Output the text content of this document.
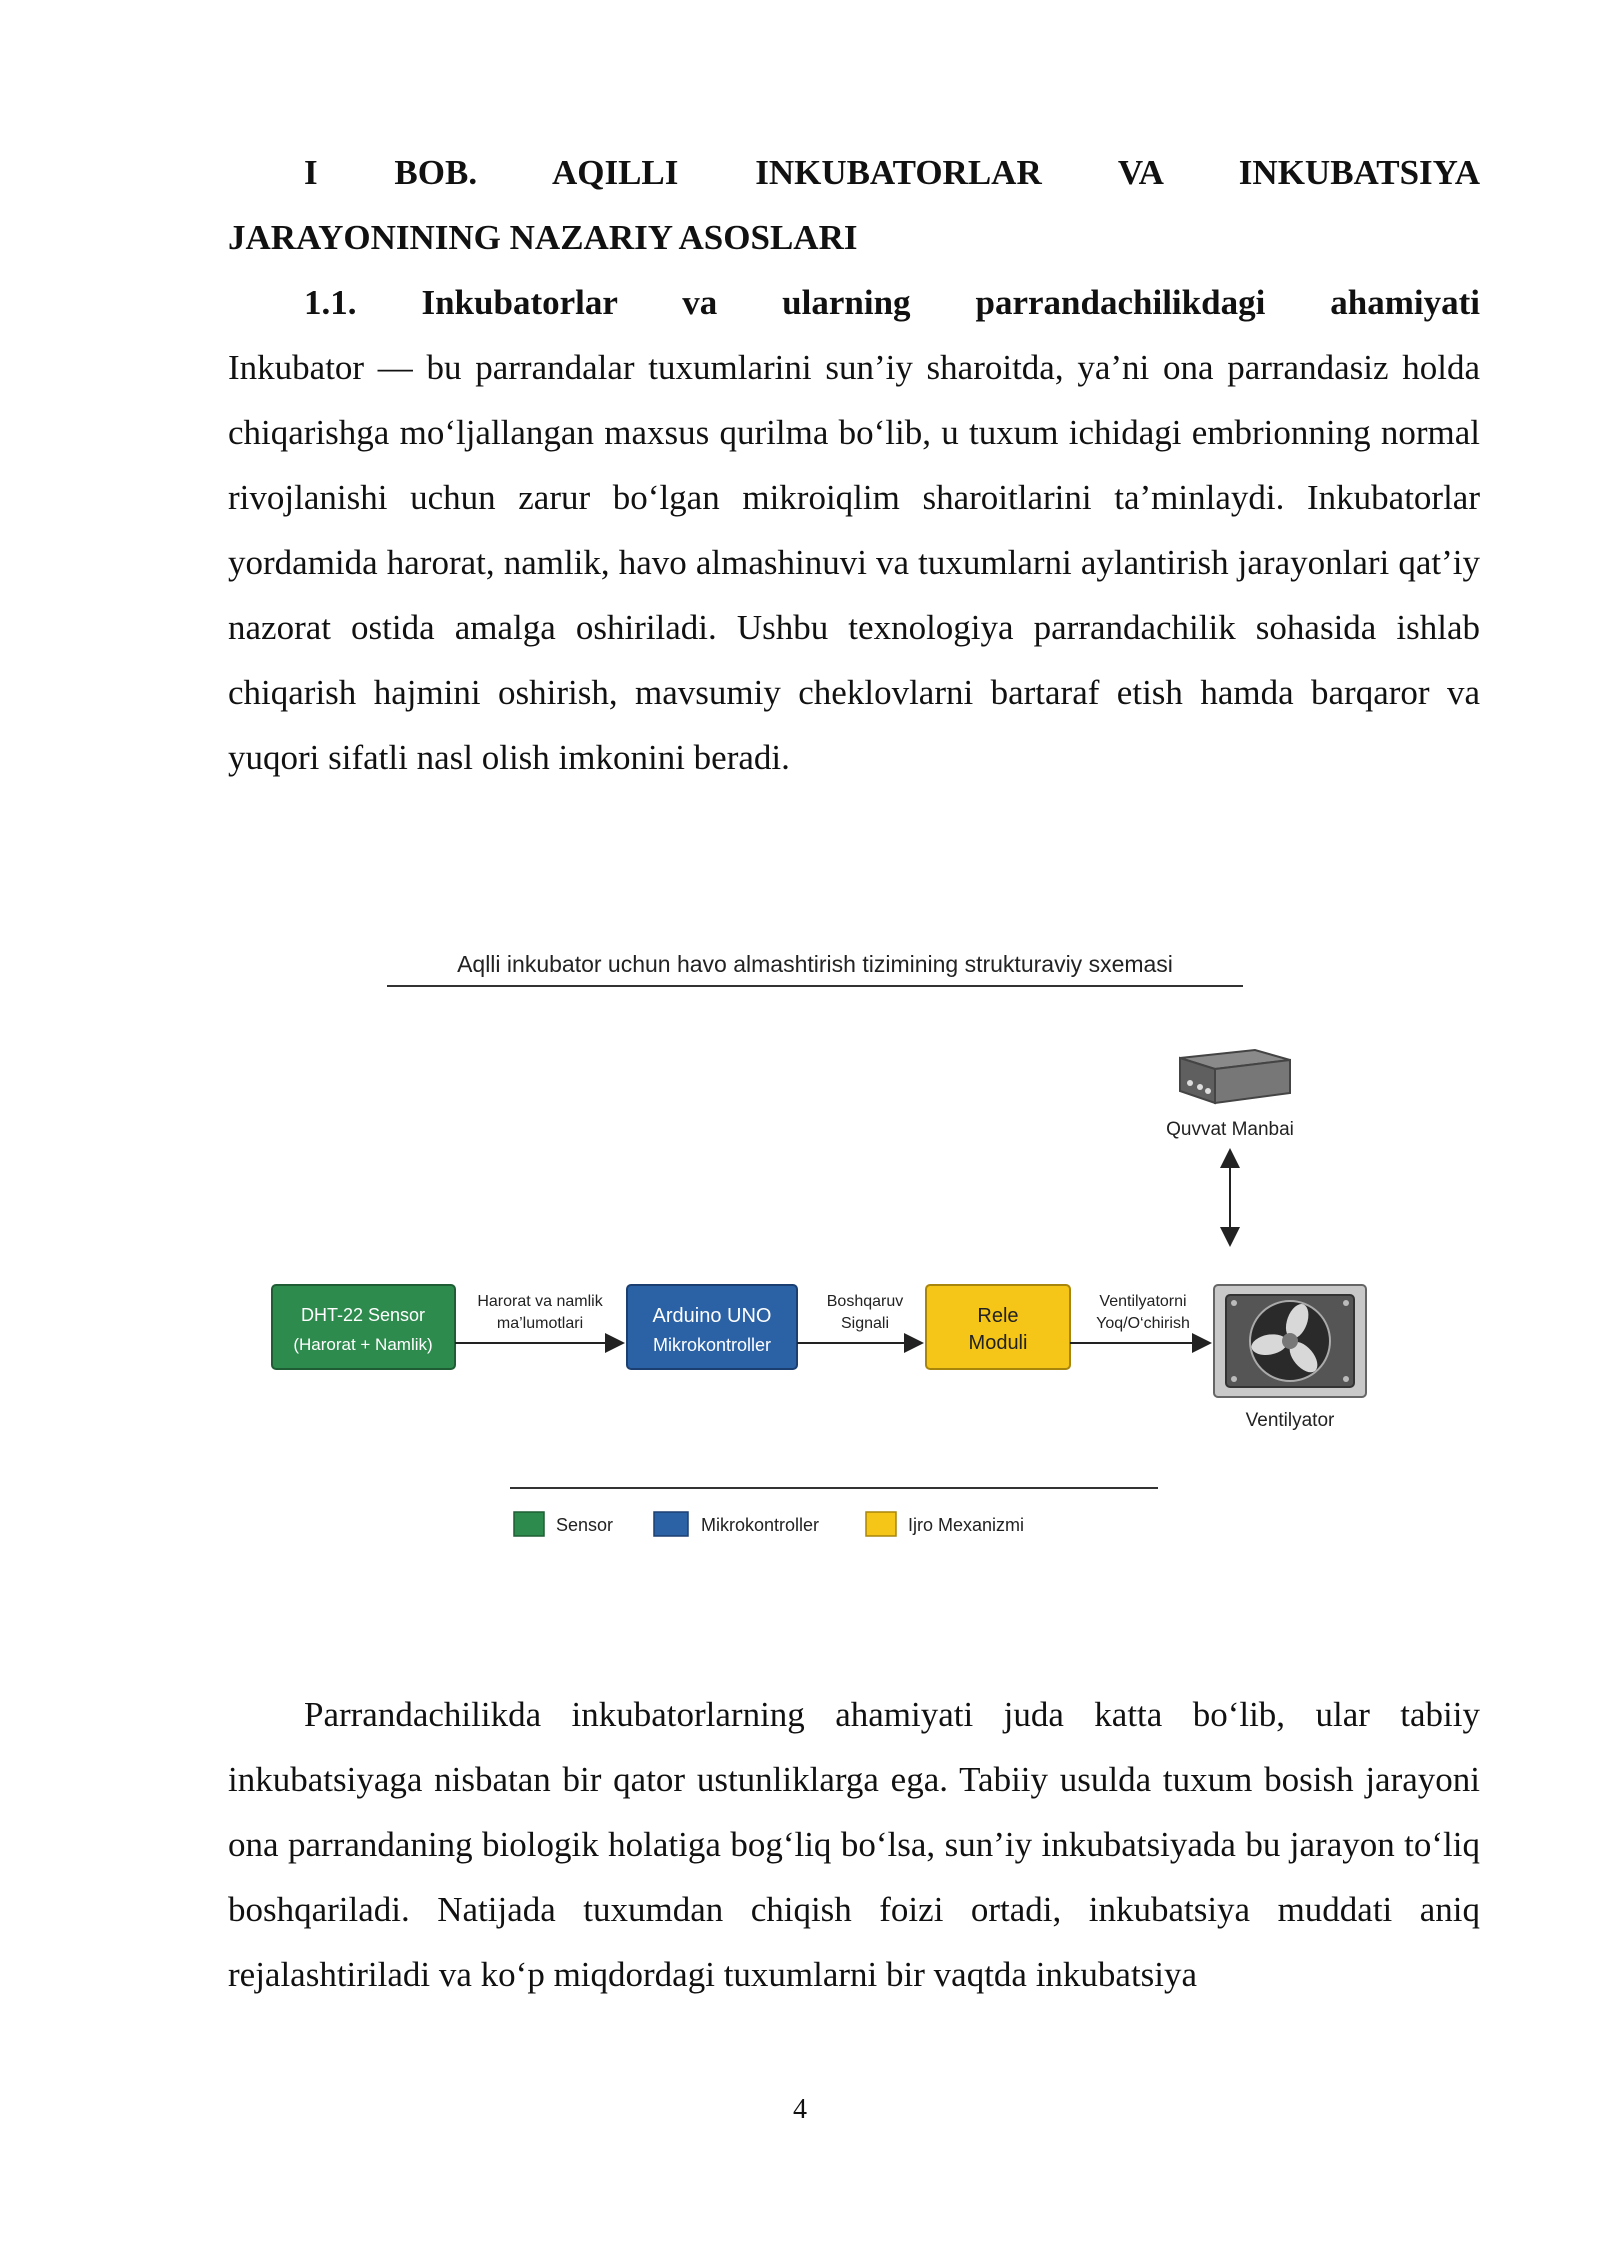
I BOB. AQILLI INKUBATORLAR VA INKUBATSIYA
JARAYONINING NAZARIY ASOSLARI
1.1. Inkubatorlar va ularning parrandachilikdagi ahamiyati

Inkubator — bu parrandalar tuxumlarini sun’iy sharoitda, ya’ni ona parrandasiz holda chiqarishga mo‘ljallangan maxsus qurilma bo‘lib, u tuxum ichidagi embrionning normal rivojlanishi uchun zarur bo‘lgan mikroiqlim sharoitlarini ta’minlaydi. Inkubatorlar yordamida harorat, namlik, havo almashinuvi va tuxumlarni aylantirish jarayonlari qat’iy nazorat ostida amalga oshiriladi. Ushbu texnologiya parrandachilik sohasida ishlab chiqarish hajmini oshirish, mavsumiy cheklovlarni bartaraf etish hamda barqaror va yuqori sifatli nasl olish imkonini beradi.

Aqlli inkubator uchun havo almashtirish tizimining strukturaviy sxemasi
Quvvat Manbai
DHT-22 Sensor
(Harorat + Namlik)
Harorat va namlik
ma’lumotlari	Arduino UNO
Mikrokontroller
Boshqaruv
Signali	Rele
Moduli
Ventilyatorni
Yoq/O‘chirish
Ventilyator
Sensor	Mikrokontroller	Ijro Mexanizmi

Parrandachilikda inkubatorlarning ahamiyati juda katta bo‘lib, ular tabiiy inkubatsiyaga nisbatan bir qator ustunliklarga ega. Tabiiy usulda tuxum bosish jarayoni ona parrandaning biologik holatiga bog‘liq bo‘lsa, sun’iy inkubatsiyada bu jarayon to‘liq boshqariladi. Natijada tuxumdan chiqish foizi ortadi, inkubatsiya muddati aniq rejalashtiriladi va ko‘p miqdordagi tuxumlarni bir vaqtda inkubatsiya

4
